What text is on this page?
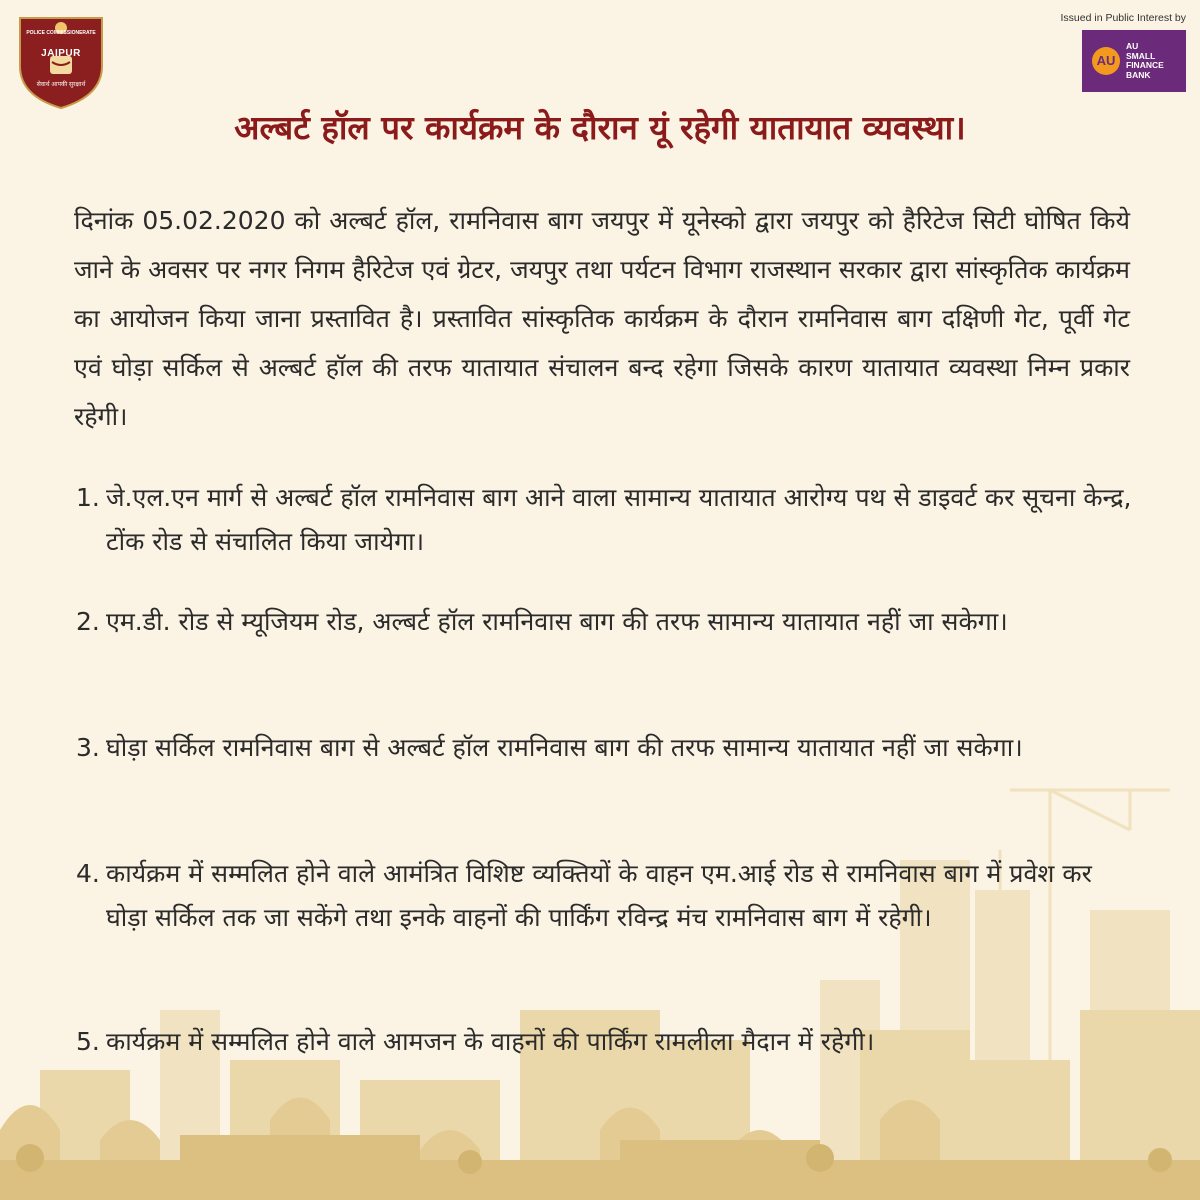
POLICE COMMISSIONERATE
JAIPUR
सेवार्थ आपकी सुरक्षार्थ
Issued in Public Interest by
AU
AU
SMALL
FINANCE
BANK
अल्बर्ट हॉल पर कार्यक्रम के दौरान यूं रहेगी यातायात व्यवस्था।
दिनांक 05.02.2020 को अल्बर्ट हॉल, रामनिवास बाग जयपुर में यूनेस्को द्वारा जयपुर को हैरिटेज सिटी घोषित किये जाने के अवसर पर नगर निगम हैरिटेज एवं ग्रेटर, जयपुर तथा पर्यटन विभाग राजस्थान सरकार द्वारा सांस्कृतिक कार्यक्रम का आयोजन किया जाना प्रस्तावित है। प्रस्तावित सांस्कृतिक कार्यक्रम के दौरान रामनिवास बाग दक्षिणी गेट, पूर्वी गेट एवं घोड़ा सर्किल से अल्बर्ट हॉल की तरफ यातायात संचालन बन्द रहेगा जिसके कारण यातायात व्यवस्था निम्न प्रकार रहेगी।
1. जे.एल.एन मार्ग से अल्बर्ट हॉल रामनिवास बाग आने वाला सामान्य यातायात आरोग्य पथ से डाइवर्ट कर सूचना केन्द्र, टोंक रोड से संचालित किया जायेगा।
2. एम.डी. रोड से म्यूजियम रोड, अल्बर्ट हॉल रामनिवास बाग की तरफ सामान्य यातायात नहीं जा सकेगा।
3. घोड़ा सर्किल रामनिवास बाग से अल्बर्ट हॉल रामनिवास बाग की तरफ सामान्य यातायात नहीं जा सकेगा।
4. कार्यक्रम में सम्मलित होने वाले आमंत्रित विशिष्ट व्यक्तियों के वाहन एम.आई रोड से रामनिवास बाग में प्रवेश कर घोड़ा सर्किल तक जा सकेंगे तथा इनके वाहनों की पार्किंग रविन्द्र मंच रामनिवास बाग में रहेगी।
5. कार्यक्रम में सम्मलित होने वाले आमजन के वाहनों की पार्किंग रामलीला मैदान में रहेगी।
